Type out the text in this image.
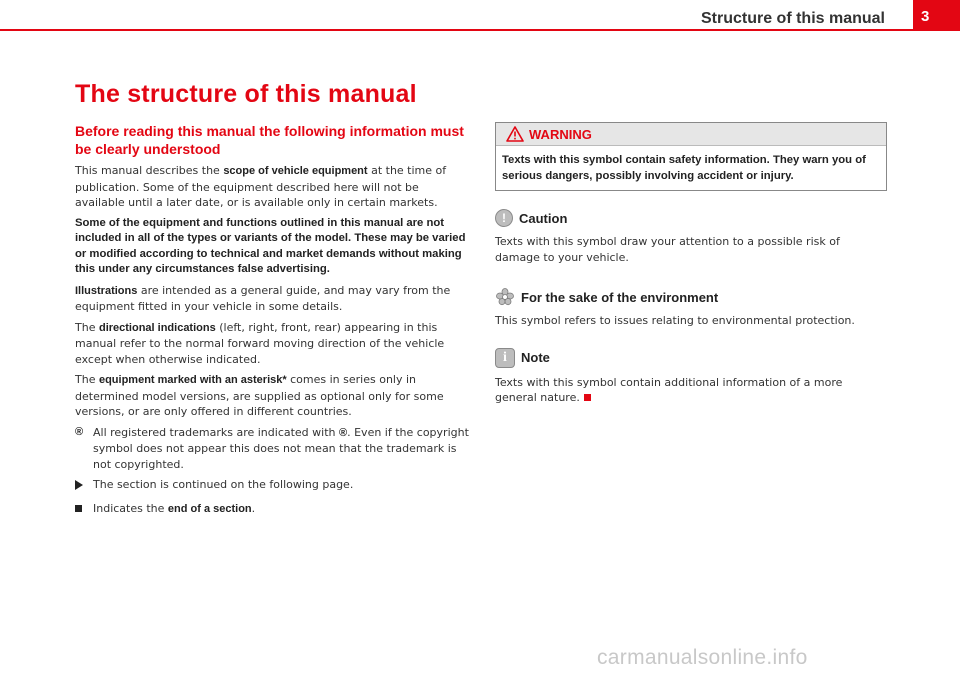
Structure of this manual	3
The structure of this manual
Before reading this manual the following information must be clearly understood

This manual describes the scope of vehicle equipment at the time of publication. Some of the equipment described here will not be available until a later date, or is available only in certain markets.

Some of the equipment and functions outlined in this manual are not included in all of the types or variants of the model. These may be varied or modified according to technical and market demands without making this under any circumstances false advertising.

Illustrations are intended as a general guide, and may vary from the equipment fitted in your vehicle in some details.

The directional indications (left, right, front, rear) appearing in this manual refer to the normal forward moving direction of the vehicle except when otherwise indicated.

The equipment marked with an asterisk* comes in series only in determined model versions, are supplied as optional only for some versions, or are only offered in different countries.

® All registered trademarks are indicated with ®. Even if the copyright symbol does not appear this does not mean that the trademark is not copyrighted.
The section is continued on the following page.
Indicates the end of a section.
WARNING
Texts with this symbol contain safety information. They warn you of serious dangers, possibly involving accident or injury.
!	Caution

Texts with this symbol draw your attention to a possible risk of damage to your vehicle.

For the sake of the environment

This symbol refers to issues relating to environmental protection.

i	Note

Texts with this symbol contain additional information of a more general nature.

carmanualsonline.info
